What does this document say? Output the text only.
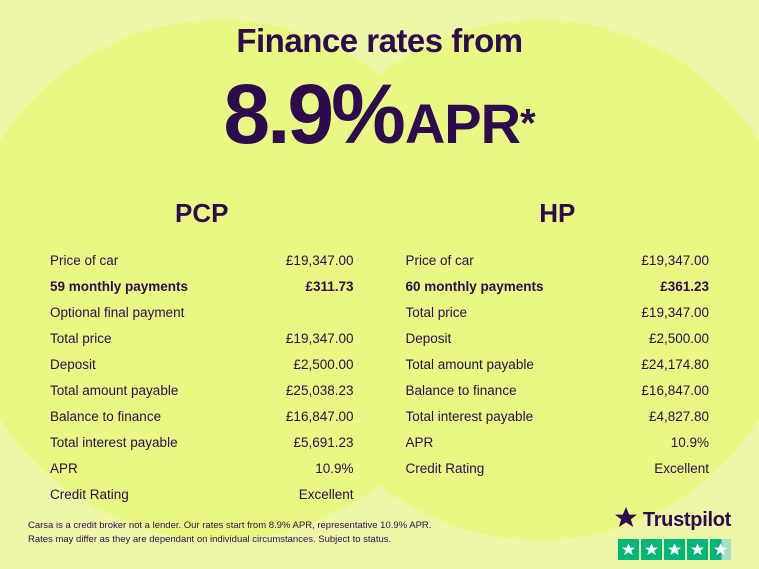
Finance rates from
8.9%APR*
PCP
Price of car	£19,347.00
59 monthly payments	£311.73
Optional final payment
Total price	£19,347.00
Deposit	£2,500.00
Total amount payable	£25,038.23
Balance to finance	£16,847.00
Total interest payable	£5,691.23
APR	10.9%
Credit Rating	Excellent
HP
Price of car	£19,347.00
60 monthly payments	£361.23
Total price	£19,347.00
Deposit	£2,500.00
Total amount payable	£24,174.80
Balance to finance	£16,847.00
Total interest payable	£4,827.80
APR	10.9%
Credit Rating	Excellent
Carsa is a credit broker not a lender. Our rates start from 8.9% APR, representative 10.9% APR.
Rates may differ as they are dependant on individual circumstances. Subject to status.
Trustpilot
